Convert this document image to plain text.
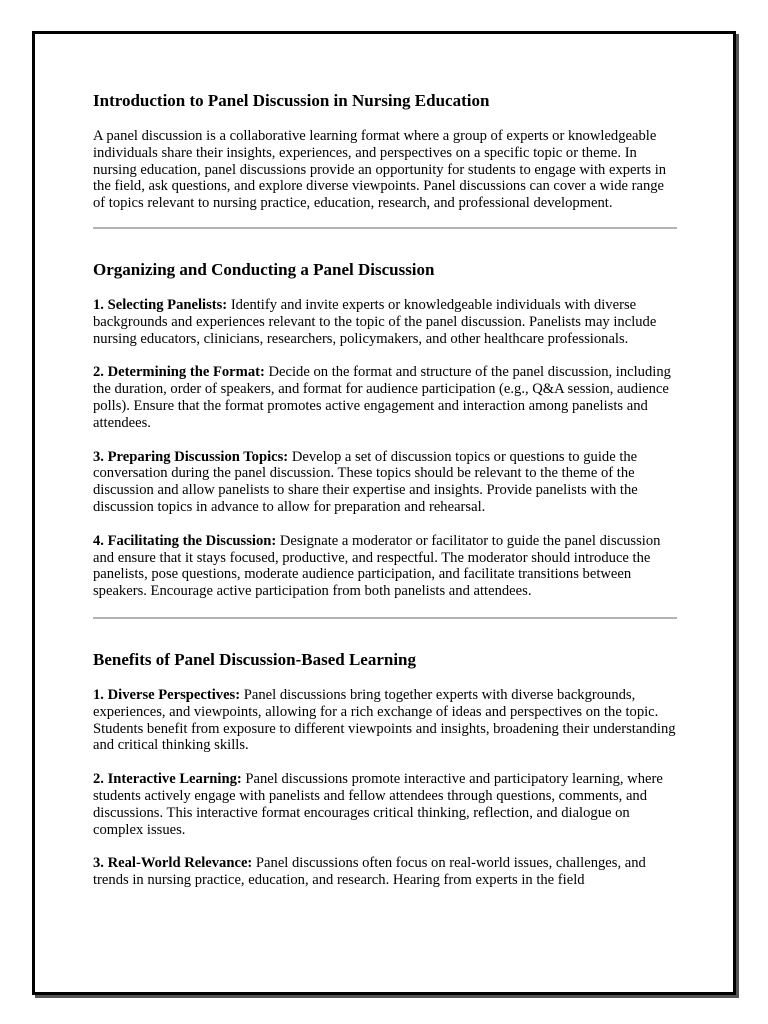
Introduction to Panel Discussion in Nursing Education

A panel discussion is a collaborative learning format where a group of experts or knowledgeable individuals share their insights, experiences, and perspectives on a specific topic or theme. In nursing education, panel discussions provide an opportunity for students to engage with experts in the field, ask questions, and explore diverse viewpoints. Panel discussions can cover a wide range of topics relevant to nursing practice, education, research, and professional development.

Organizing and Conducting a Panel Discussion

1. Selecting Panelists: Identify and invite experts or knowledgeable individuals with diverse backgrounds and experiences relevant to the topic of the panel discussion. Panelists may include nursing educators, clinicians, researchers, policymakers, and other healthcare professionals.

2. Determining the Format: Decide on the format and structure of the panel discussion, including the duration, order of speakers, and format for audience participation (e.g., Q&A session, audience polls). Ensure that the format promotes active engagement and interaction among panelists and attendees.

3. Preparing Discussion Topics: Develop a set of discussion topics or questions to guide the conversation during the panel discussion. These topics should be relevant to the theme of the discussion and allow panelists to share their expertise and insights. Provide panelists with the discussion topics in advance to allow for preparation and rehearsal.

4. Facilitating the Discussion: Designate a moderator or facilitator to guide the panel discussion and ensure that it stays focused, productive, and respectful. The moderator should introduce the panelists, pose questions, moderate audience participation, and facilitate transitions between speakers. Encourage active participation from both panelists and attendees.

Benefits of Panel Discussion-Based Learning

1. Diverse Perspectives: Panel discussions bring together experts with diverse backgrounds, experiences, and viewpoints, allowing for a rich exchange of ideas and perspectives on the topic. Students benefit from exposure to different viewpoints and insights, broadening their understanding and critical thinking skills.

2. Interactive Learning: Panel discussions promote interactive and participatory learning, where students actively engage with panelists and fellow attendees through questions, comments, and discussions. This interactive format encourages critical thinking, reflection, and dialogue on complex issues.

3. Real-World Relevance: Panel discussions often focus on real-world issues, challenges, and trends in nursing practice, education, and research. Hearing from experts in the field
